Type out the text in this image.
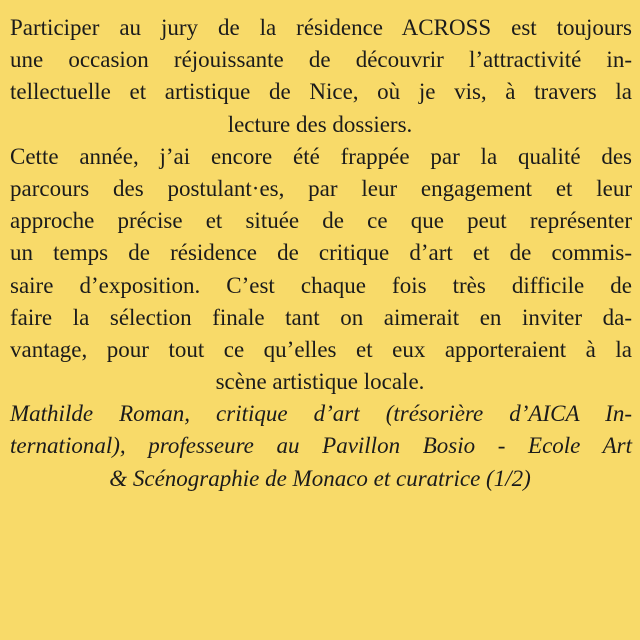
Participer au jury de la résidence ACROSS est toujours
une occasion réjouissante de découvrir l’attractivité in-
tellectuelle et artistique de Nice, où je vis, à travers la
lecture des dossiers.
Cette année, j’ai encore été frappée par la qualité des
parcours des postulant·es, par leur engagement et leur
approche précise et située de ce que peut représenter
un temps de résidence de critique d’art et de commis-
saire d’exposition. C’est chaque fois très difficile de
faire la sélection finale tant on aimerait en inviter da-
vantage, pour tout ce qu’elles et eux apporteraient à la
scène artistique locale.
Mathilde Roman, critique d’art (trésorière d’AICA In-
ternational), professeure au Pavillon Bosio - Ecole Art
& Scénographie de Monaco et curatrice (1/2)
